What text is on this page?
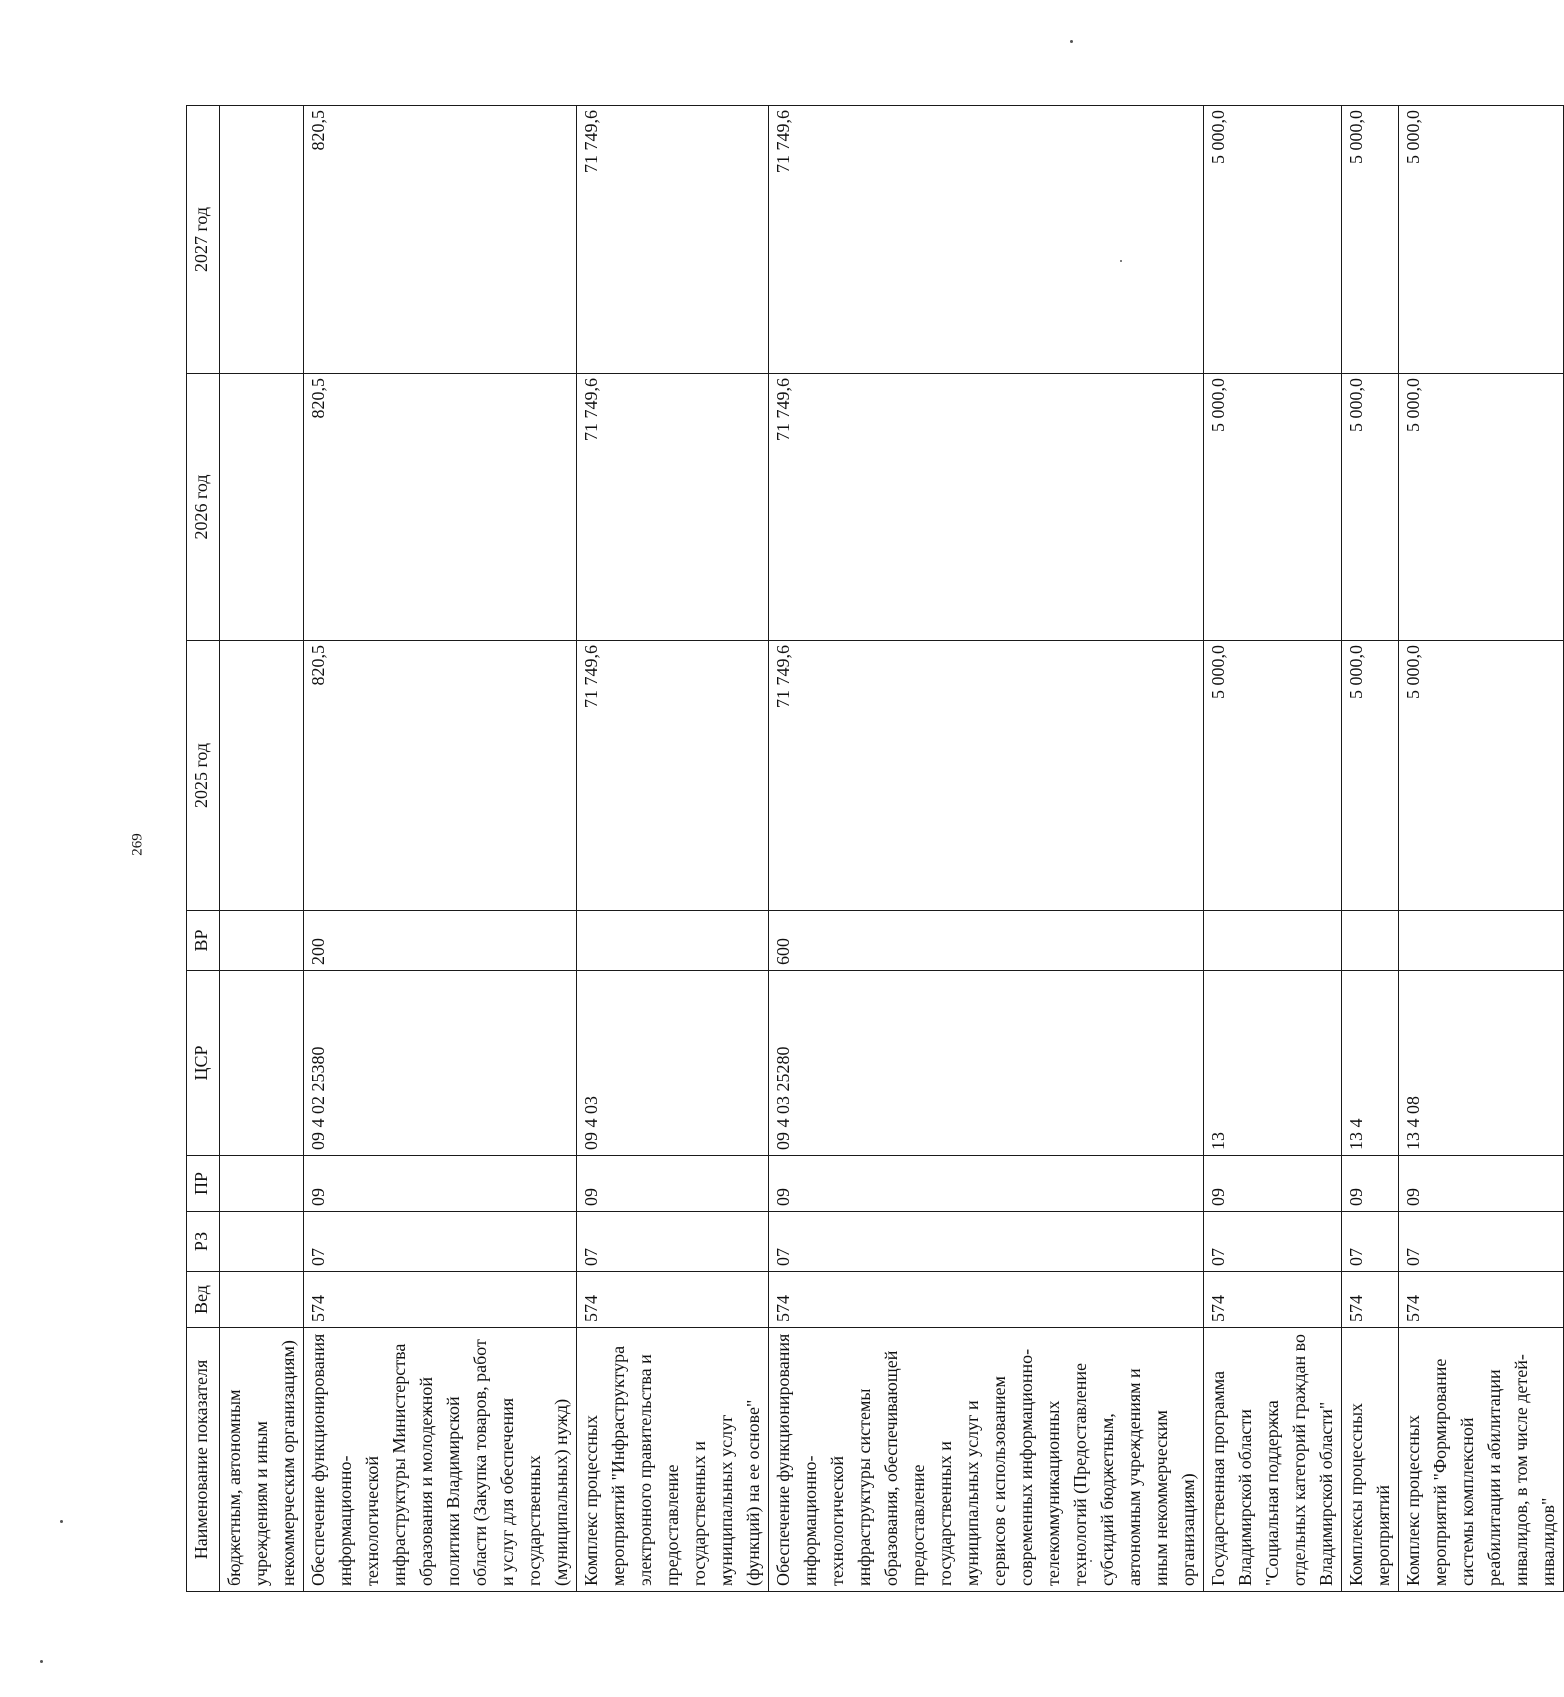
269
Наименование показателя	Вед	РЗ	ПР	ЦСР	ВР	2025 год	2026 год	2027 год
бюджетным, автономным учреждениям и иным некоммерческим организациям)								
Обеспечение функционирования информационно-технологической инфраструктуры Министерства образования и молодежной политики Владимирской области (Закупка товаров, работ и услуг для обеспечения государственных (муниципальных) нужд)	574	07	09	09 4 02 25380	200	820,5	820,5	820,5
Комплекс процессных мероприятий "Инфраструктура электронного правительства и предоставление государственных и муниципальных услуг (функций) на ее основе"	574	07	09	09 4 03		71 749,6	71 749,6	71 749,6
Обеспечение функционирования информационно-технологической инфраструктуры системы образования, обеспечивающей предоставление государственных и муниципальных услуг и сервисов с использованием современных информационно-телекоммуникационных технологий (Предоставление субсидий бюджетным, автономным учреждениям и иным некоммерческим организациям)	574	07	09	09 4 03 25280	600	71 749,6	71 749,6	71 749,6
Государственная программа Владимирской области "Социальная поддержка отдельных категорий граждан во Владимирской области"	574	07	09	13		5 000,0	5 000,0	5 000,0
Комплексы процессных мероприятий	574	07	09	13 4		5 000,0	5 000,0	5 000,0
Комплекс процессных мероприятий "Формирование системы комплексной реабилитации и абилитации инвалидов, в том числе детей-инвалидов"	574	07	09	13 4 08		5 000,0	5 000,0	5 000,0
